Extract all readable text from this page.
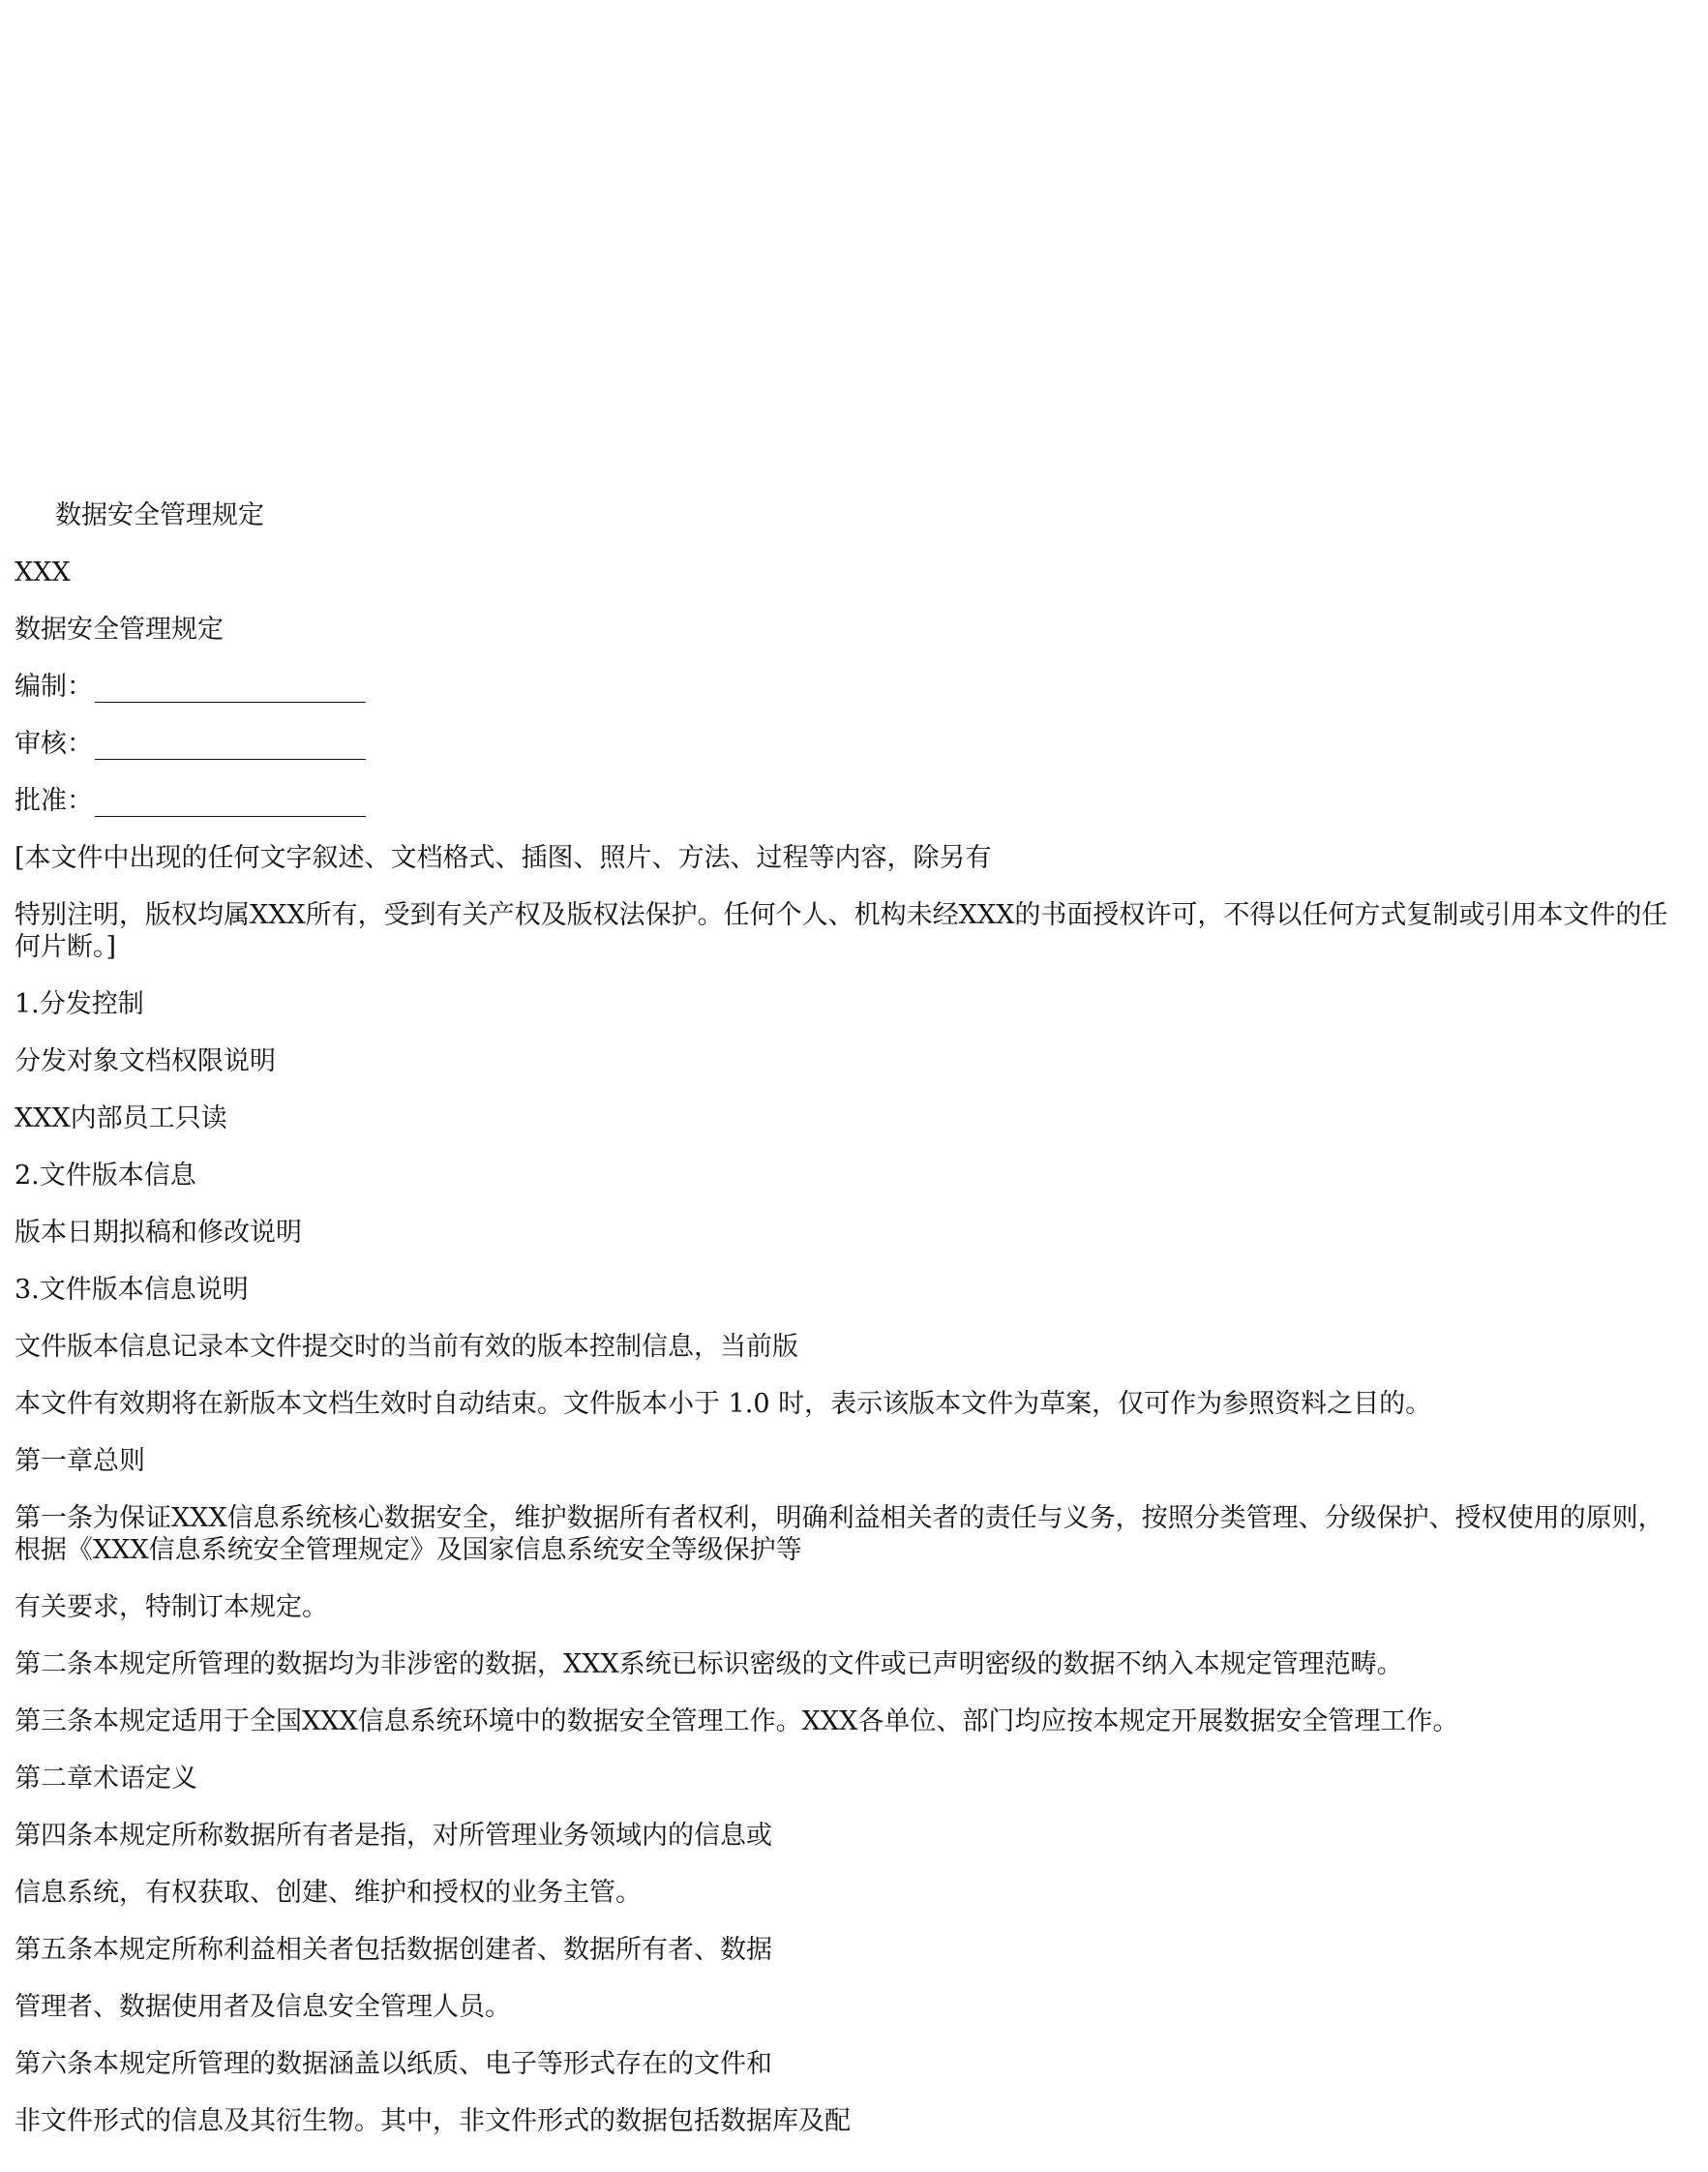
数据安全管理规定

XXX

数据安全管理规定

编制：
审核：
批准：

[本文件中出现的任何文字叙述、文档格式、插图、照片、方法、过程等内容，除另有

特别注明，版权均属XXX所有，受到有关产权及版权法保护。任何个人、机构未经XXX的书面授权许可，不得以任何方式复制或引用本文件的任何片断。]

1.分发控制

分发对象文档权限说明

XXX内部员工只读

2.文件版本信息

版本日期拟稿和修改说明

3.文件版本信息说明

文件版本信息记录本文件提交时的当前有效的版本控制信息，当前版

本文件有效期将在新版本文档生效时自动结束。文件版本小于 1.0 时，表示该版本文件为草案，仅可作为参照资料之目的。

第一章总则

第一条为保证XXX信息系统核心数据安全，维护数据所有者权利，明确利益相关者的责任与义务，按照分类管理、分级保护、授权使用的原则，根据《XXX信息系统安全管理规定》及国家信息系统安全等级保护等

有关要求，特制订本规定。

第二条本规定所管理的数据均为非涉密的数据，XXX系统已标识密级的文件或已声明密级的数据不纳入本规定管理范畴。

第三条本规定适用于全国XXX信息系统环境中的数据安全管理工作。XXX各单位、部门均应按本规定开展数据安全管理工作。

第二章术语定义

第四条本规定所称数据所有者是指，对所管理业务领域内的信息或

信息系统，有权获取、创建、维护和授权的业务主管。

第五条本规定所称利益相关者包括数据创建者、数据所有者、数据

管理者、数据使用者及信息安全管理人员。

第六条本规定所管理的数据涵盖以纸质、电子等形式存在的文件和

非文件形式的信息及其衍生物。其中，非文件形式的数据包括数据库及配
